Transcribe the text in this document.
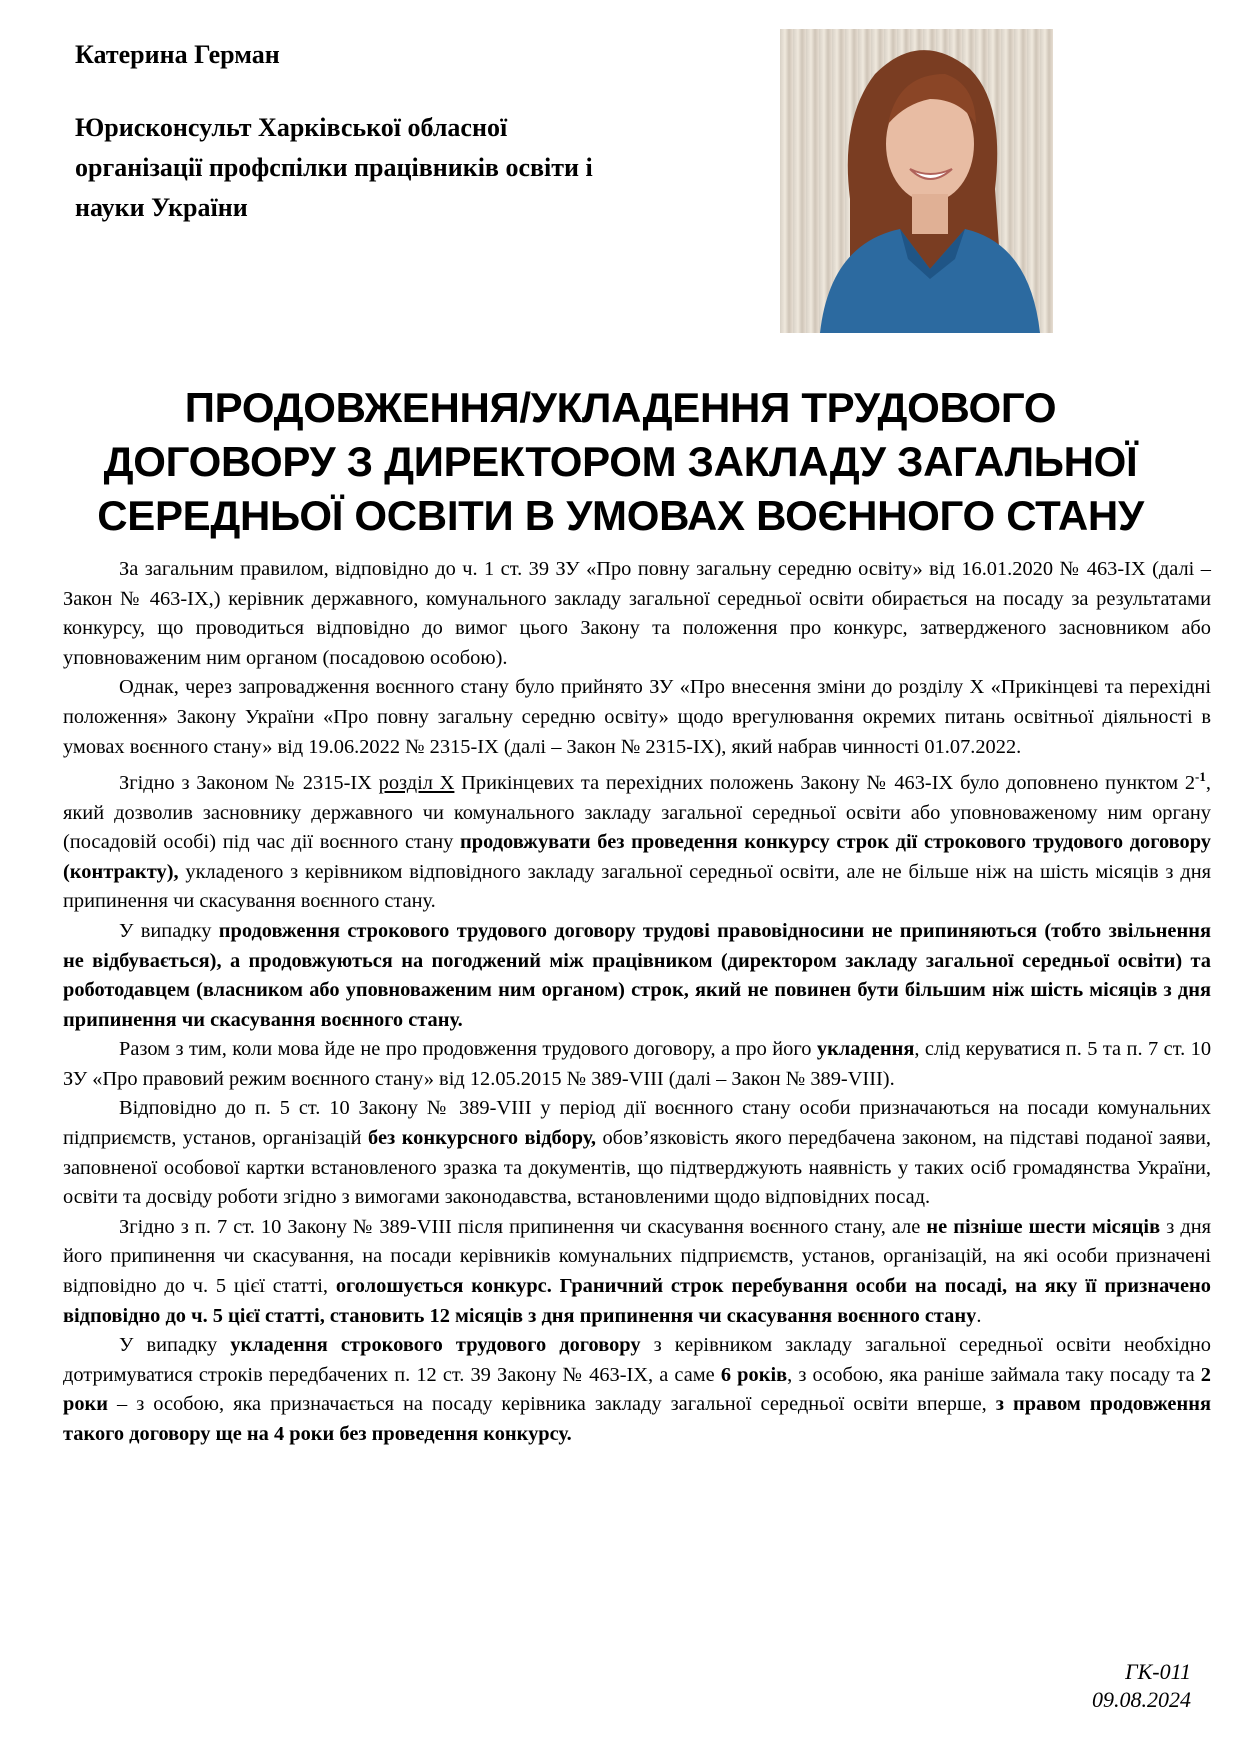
Катерина Герман

Юрисконсульт Харківської обласної організації профспілки працівників освіти і науки України

ПРОДОВЖЕННЯ/УКЛАДЕННЯ ТРУДОВОГО
ДОГОВОРУ З ДИРЕКТОРОМ ЗАКЛАДУ ЗАГАЛЬНОЇ
СЕРЕДНЬОЇ ОСВІТИ В УМОВАХ ВОЄННОГО СТАНУ

За загальним правилом, відповідно до ч. 1 ст. 39 ЗУ «Про повну загальну середню освіту» від 16.01.2020 № 463-IX (далі – Закон № 463-IX,) керівник державного, комунального закладу загальної середньої освіти обирається на посаду за результатами конкурсу, що проводиться відповідно до вимог цього Закону та положення про конкурс, затвердженого засновником або уповноваженим ним органом (посадовою особою).

Однак, через запровадження воєнного стану було прийнято ЗУ «Про внесення зміни до розділу Х «Прикінцеві та перехідні положення» Закону України «Про повну загальну середню освіту» щодо врегулювання окремих питань освітньої діяльності в умовах воєнного стану» від 19.06.2022 № 2315-IX (далі – Закон № 2315-IX), який набрав чинності 01.07.2022.

Згідно з Законом № 2315-IX розділ X Прикінцевих та перехідних положень Закону № 463-IX було доповнено пунктом $2^{-1}$, який дозволив засновнику державного чи комунального закладу загальної середньої освіти або уповноваженому ним органу (посадовій особі) під час дії воєнного стану продовжувати без проведення конкурсу строк дії строкового трудового договору (контракту), укладеного з керівником відповідного закладу загальної середньої освіти, але не більше ніж на шість місяців з дня припинення чи скасування воєнного стану.

У випадку продовження строкового трудового договору трудові правовідносини не припиняються (тобто звільнення не відбувається), а продовжуються на погоджений між працівником (директором закладу загальної середньої освіти) та роботодавцем (власником або уповноваженим ним органом) строк, який не повинен бути більшим ніж шість місяців з дня припинення чи скасування воєнного стану.

Разом з тим, коли мова йде не про продовження трудового договору, а про його укладення, слід керуватися п. 5 та п. 7 ст. 10 ЗУ «Про правовий режим воєнного стану» від 12.05.2015 № 389-VIII (далі – Закон № 389-VIII).

Відповідно до п. 5 ст. 10 Закону № 389-VIII у період дії воєнного стану особи призначаються на посади комунальних підприємств, установ, організацій без конкурсного відбору, обов’язковість якого передбачена законом, на підставі поданої заяви, заповненої особової картки встановленого зразка та документів, що підтверджують наявність у таких осіб громадянства України, освіти та досвіду роботи згідно з вимогами законодавства, встановленими щодо відповідних посад.

Згідно з п. 7 ст. 10 Закону № 389-VIII після припинення чи скасування воєнного стану, але не пізніше шести місяців з дня його припинення чи скасування, на посади керівників комунальних підприємств, установ, організацій, на які особи призначені відповідно до ч. 5 цієї статті, оголошується конкурс. Граничний строк перебування особи на посаді, на яку її призначено відповідно до ч. 5 цієї статті, становить 12 місяців з дня припинення чи скасування воєнного стану.

У випадку укладення строкового трудового договору з керівником закладу загальної середньої освіти необхідно дотримуватися строків передбачених п. 12 ст. 39 Закону № 463-IX, а саме 6 років, з особою, яка раніше займала таку посаду та 2 роки – з особою, яка призначається на посаду керівника закладу загальної середньої освіти вперше, з правом продовження такого договору ще на 4 роки без проведення конкурсу.

ГК-011
09.08.2024
